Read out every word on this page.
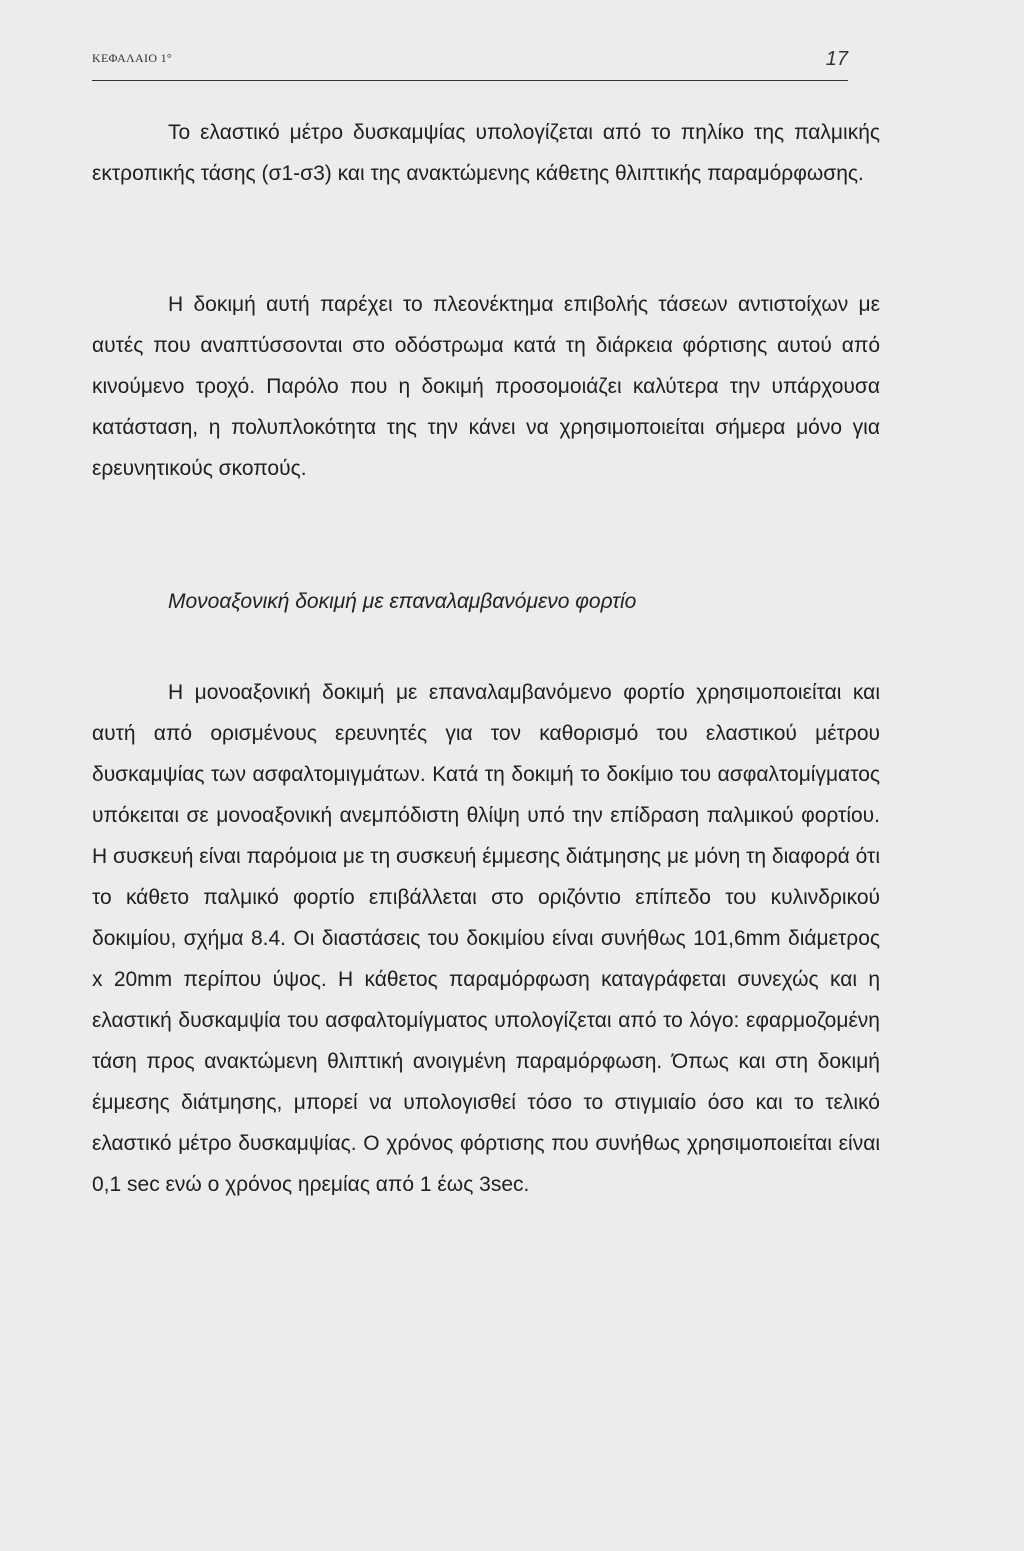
ΚΕΦΑΛΑΙΟ 1°	17

Το ελαστικό μέτρο δυσκαμψίας υπολογίζεται από το πηλίκο της παλμικής εκτροπικής τάσης (σ1-σ3) και της ανακτώμενης κάθετης θλιπτικής παραμόρφωσης.

Η δοκιμή αυτή παρέχει το πλεονέκτημα επιβολής τάσεων αντιστοίχων με αυτές που αναπτύσσονται στο οδόστρωμα κατά τη διάρκεια φόρτισης αυτού από κινούμενο τροχό. Παρόλο που η δοκιμή προσομοιάζει καλύτερα την υπάρχουσα κατάσταση, η πολυπλοκότητα της την κάνει να χρησιμοποιείται σήμερα μόνο για ερευνητικούς σκοπούς.

Μονοαξονική δοκιμή με επαναλαμβανόμενο φορτίο

Η μονοαξονική δοκιμή με επαναλαμβανόμενο φορτίο χρησιμοποιείται και αυτή από ορισμένους ερευνητές για τον καθορισμό του ελαστικού μέτρου δυσκαμψίας των ασφαλτομιγμάτων. Κατά τη δοκιμή το δοκίμιο του ασφαλτομίγματος υπόκειται σε μονοαξονική ανεμπόδιστη θλίψη υπό την επίδραση παλμικού φορτίου. Η συσκευή είναι παρόμοια με τη συσκευή έμμεσης διάτμησης με μόνη τη διαφορά ότι το κάθετο παλμικό φορτίο επιβάλλεται στο οριζόντιο επίπεδο του κυλινδρικού δοκιμίου, σχήμα 8.4. Οι διαστάσεις του δοκιμίου είναι συνήθως 101,6mm διάμετρος x 20mm περίπου ύψος. Η κάθετος παραμόρφωση καταγράφεται συνεχώς και η ελαστική δυσκαμψία του ασφαλτομίγματος υπολογίζεται από το λόγο: εφαρμοζομένη τάση προς ανακτώμενη θλιπτική ανοιγμένη παραμόρφωση. Όπως και στη δοκιμή έμμεσης διάτμησης, μπορεί να υπολογισθεί τόσο το στιγμιαίο όσο και το τελικό ελαστικό μέτρο δυσκαμψίας. Ο χρόνος φόρτισης που συνήθως χρησιμοποιείται είναι 0,1 sec ενώ ο χρόνος ηρεμίας από 1 έως 3sec.
